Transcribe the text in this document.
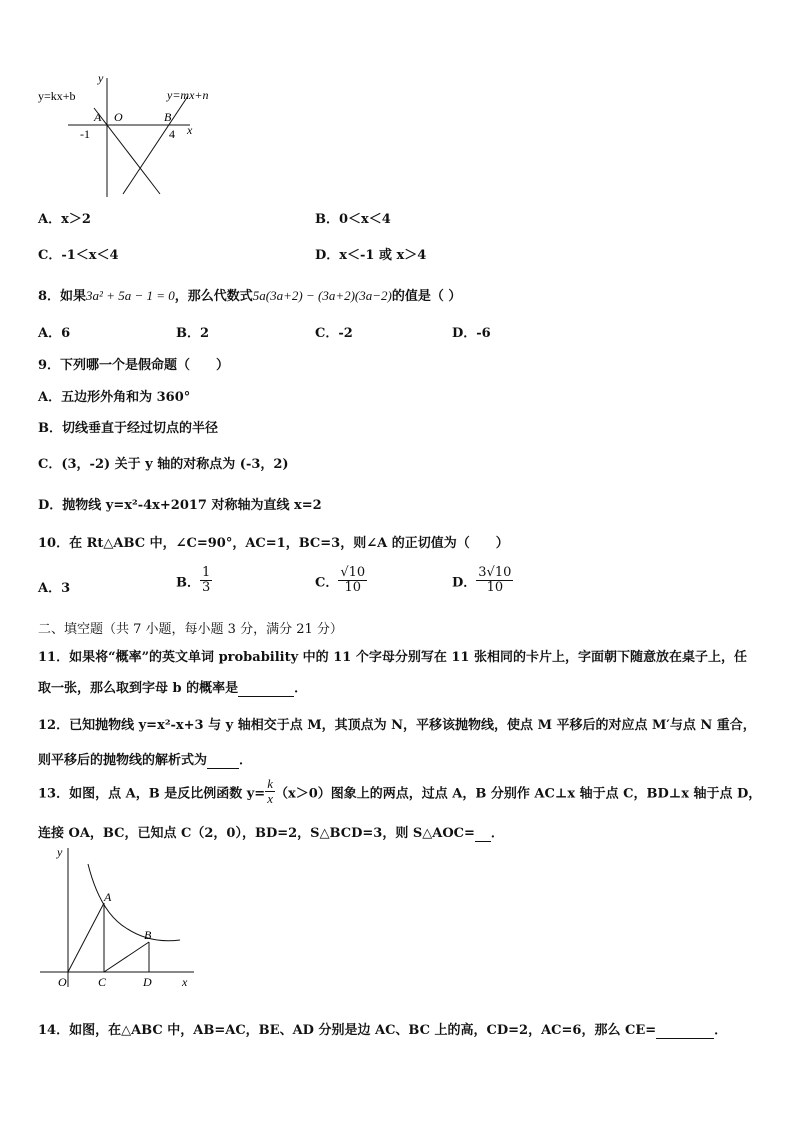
y=kx+b	y=mx+n
y
x
A O	B
-1	4
A．x＞2	B．0＜x＜4
C．-1＜x＜4	D．x＜-1 或 x＞4
8．如果3a² + 5a − 1 = 0，那么代数式5a(3a+2) − (3a+2)(3a−2)的值是（ ）
A．6	B．2	C．-2	D．-6
9．下列哪一个是假命题（　　）
A．五边形外角和为 360°
B．切线垂直于经过切点的半径
C．(3，-2) 关于 y 轴的对称点为 (-3，2)
D．抛物线 y=x²-4x+2017 对称轴为直线 x=2
10．在 Rt△ABC 中，∠C=90°，AC=1，BC=3，则∠A 的正切值为（　　）
A．3	B． $\frac{1}{3}$	C． $\frac{√10}{10}$	D． $\frac{3√10}{10}$
二、填空题（共 7 小题，每小题 3 分，满分 21 分）
11．如果将“概率”的英文单词 probability 中的 11 个字母分别写在 11 张相同的卡片上，字面朝下随意放在桌子上，任
取一张，那么取到字母 b 的概率是	．
12．已知抛物线 y=x²-x+3 与 y 轴相交于点 M，其顶点为 N，平移该抛物线，使点 M 平移后的对应点 M′与点 N 重合，
则平移后的抛物线的解析式为 ．
13．如图，点 A，B 是反比例函数 $y= \frac{k}{x} (x>0)$图象上的两点，过点 A，B 分别作 AC⊥x 轴于点 C，BD⊥x 轴于点 D，
连接 OA，BC，已知点 C（2，0），BD=2，S△BCD=3，则 S△AOC= ．
y
x
O
A
B
C	D
14．如图，在△ABC 中，AB=AC，BE、AD 分别是边 AC、BC 上的高，CD=2，AC=6，那么 CE=	．
